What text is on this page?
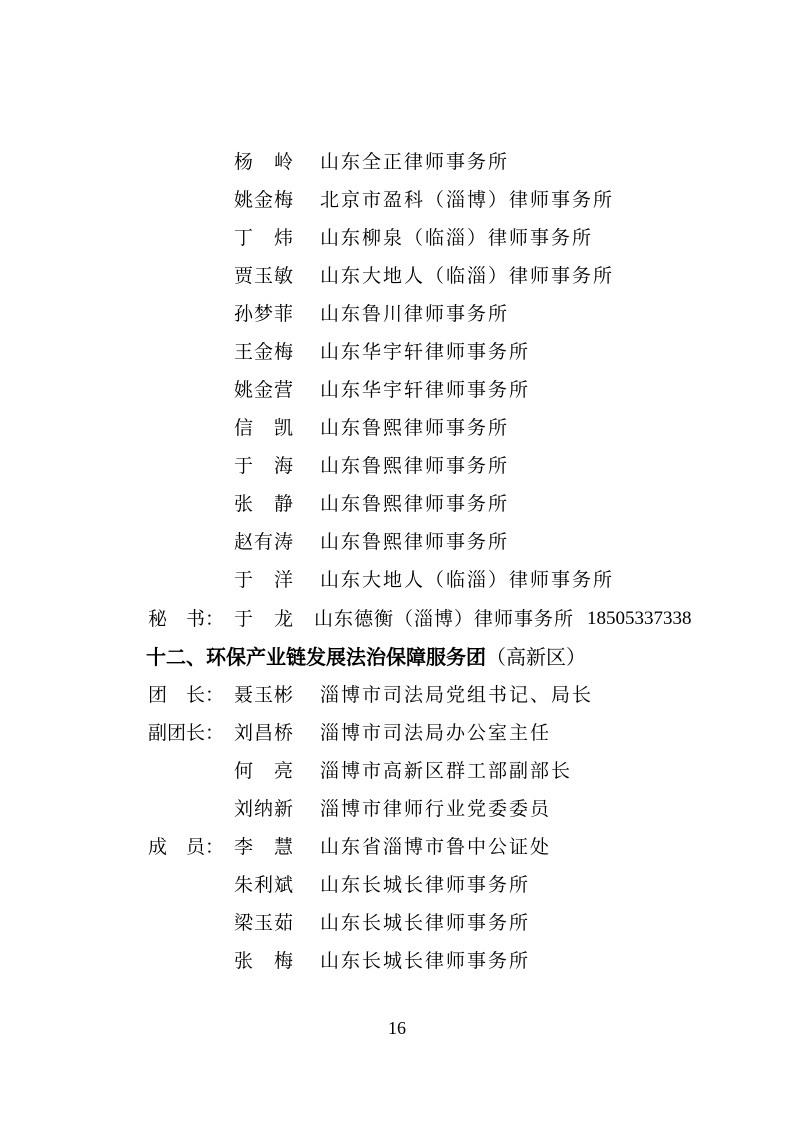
杨　岭	山东全正律师事务所
姚金梅	北京市盈科（淄博）律师事务所
丁　炜	山东柳泉（临淄）律师事务所
贾玉敏	山东大地人（临淄）律师事务所
孙梦菲	山东鲁川律师事务所
王金梅	山东华宇轩律师事务所
姚金营	山东华宇轩律师事务所
信　凯	山东鲁熙律师事务所
于　海	山东鲁熙律师事务所
张　静	山东鲁熙律师事务所
赵有涛	山东鲁熙律师事务所
于　洋	山东大地人（临淄）律师事务所
秘　书： 于　龙	山东德衡（淄博）律师事务所 18505337338
十二、环保产业链发展法治保障服务团（高新区）
团　长： 聂玉彬	淄博市司法局党组书记、局长
副团长： 刘昌桥	淄博市司法局办公室主任
何　亮	淄博市高新区群工部副部长
刘纳新	淄博市律师行业党委委员
成　员： 李　慧	山东省淄博市鲁中公证处
朱利斌	山东长城长律师事务所
梁玉茹	山东长城长律师事务所
张　梅	山东长城长律师事务所
16
